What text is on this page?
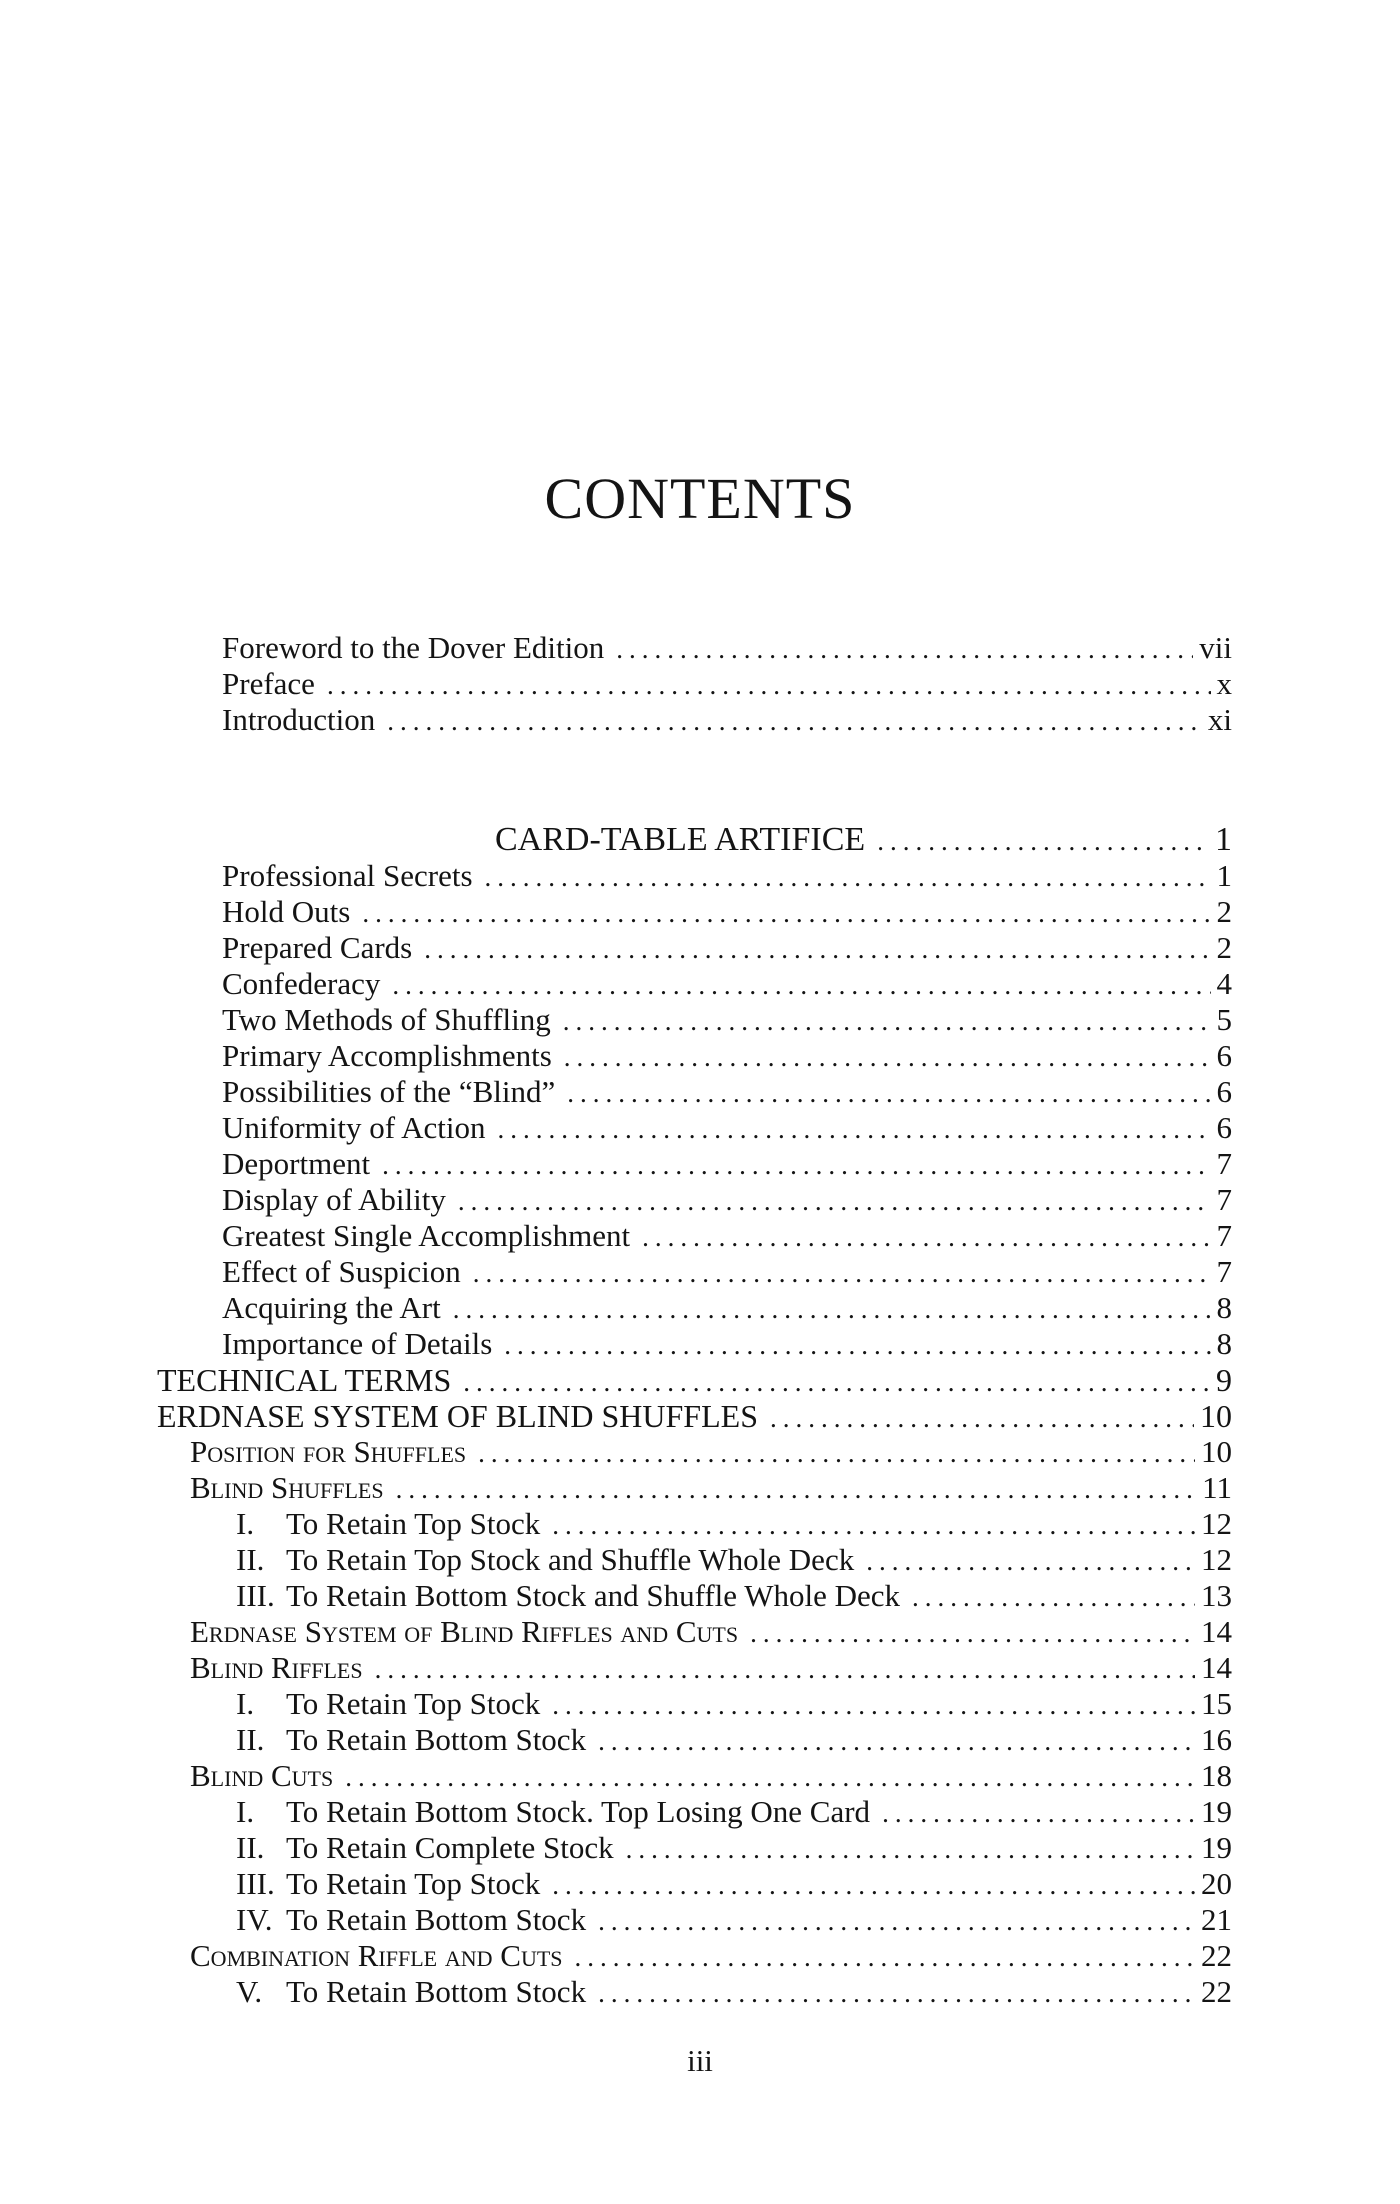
CONTENTS
Foreword to the Dover Edition .....	vii
Preface .....	x
Introduction .....	xi
CARD-TABLE ARTIFICE .....	1
Professional Secrets .....	1
Hold Outs .....	2
Prepared Cards .....	2
Confederacy .....	4
Two Methods of Shuffling .....	5
Primary Accomplishments .....	6
Possibilities of the “Blind” .....	6
Uniformity of Action .....	6
Deportment .....	7
Display of Ability .....	7
Greatest Single Accomplishment .....	7
Effect of Suspicion .....	7
Acquiring the Art .....	8
Importance of Details .....	8
TECHNICAL TERMS .....	9
ERDNASE SYSTEM OF BLIND SHUFFLES .....	10
Position for Shuffles .....	10
Blind Shuffles .....	11
I.	To Retain Top Stock .....	12
II. To Retain Top Stock and Shuffle Whole Deck .....	12
III. To Retain Bottom Stock and Shuffle Whole Deck .....	13
Erdnase System of Blind Riffles and Cuts .....	14
Blind Riffles .....	14
I.	To Retain Top Stock .....	15
II. To Retain Bottom Stock .....	16
Blind Cuts .....	18
I.	To Retain Bottom Stock. Top Losing One Card .....	19
II. To Retain Complete Stock .....	19
III. To Retain Top Stock .....	20
IV. To Retain Bottom Stock .....	21
Combination Riffle and Cuts .....	22
V. To Retain Bottom Stock .....	22
iii
